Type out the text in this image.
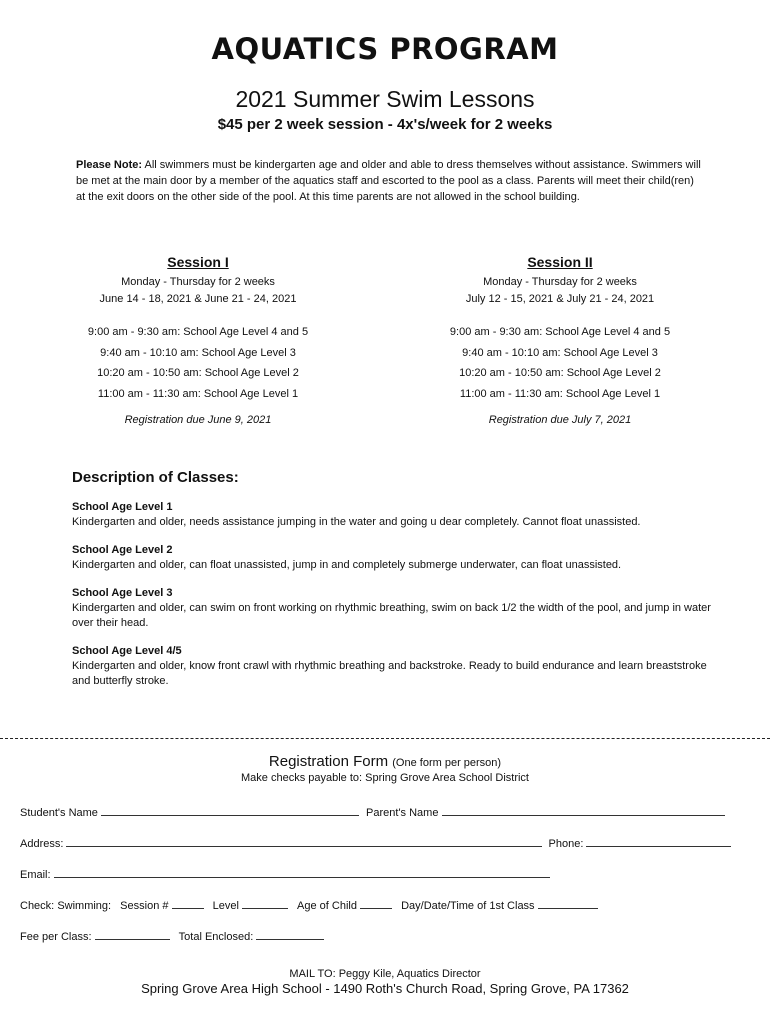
AQUATICS PROGRAM
2021 Summer Swim Lessons
$45 per 2 week session - 4x's/week for 2 weeks
Please Note: All swimmers must be kindergarten age and older and able to dress themselves without assistance. Swimmers will be met at the main door by a member of the aquatics staff and escorted to the pool as a class. Parents will meet their child(ren) at the exit doors on the other side of the pool. At this time parents are not allowed in the school building.
Session I
Monday - Thursday for 2 weeks
June 14 - 18, 2021 & June 21 - 24, 2021
9:00 am - 9:30 am: School Age Level 4 and 5
9:40 am - 10:10 am: School Age Level 3
10:20 am - 10:50 am: School Age Level 2
11:00 am - 11:30 am: School Age Level 1
Registration due June 9, 2021
Session II
Monday - Thursday for 2 weeks
July 12 - 15, 2021 & July 21 - 24, 2021
9:00 am - 9:30 am: School Age Level 4 and 5
9:40 am - 10:10 am: School Age Level 3
10:20 am - 10:50 am: School Age Level 2
11:00 am - 11:30 am: School Age Level 1
Registration due July 7, 2021
Description of Classes:
School Age Level 1
Kindergarten and older, needs assistance jumping in the water and going u dear completely. Cannot float unassisted.
School Age Level 2
Kindergarten and older, can float unassisted, jump in and completely submerge underwater, can float unassisted.
School Age Level 3
Kindergarten and older, can swim on front working on rhythmic breathing, swim on back 1/2 the width of the pool, and jump in water over their head.
School Age Level 4/5
Kindergarten and older, know front crawl with rhythmic breathing and backstroke. Ready to build endurance and learn breaststroke and butterfly stroke.
Registration Form (One form per person)
Make checks payable to: Spring Grove Area School District
Student's Name	Parent's Name
Address:	Phone:
Email:
Check: Swimming: Session #	Level	Age of Child	Day/Date/Time of 1st Class
Fee per Class:	Total Enclosed:
MAIL TO: Peggy Kile, Aquatics Director
Spring Grove Area High School - 1490 Roth's Church Road, Spring Grove, PA 17362
